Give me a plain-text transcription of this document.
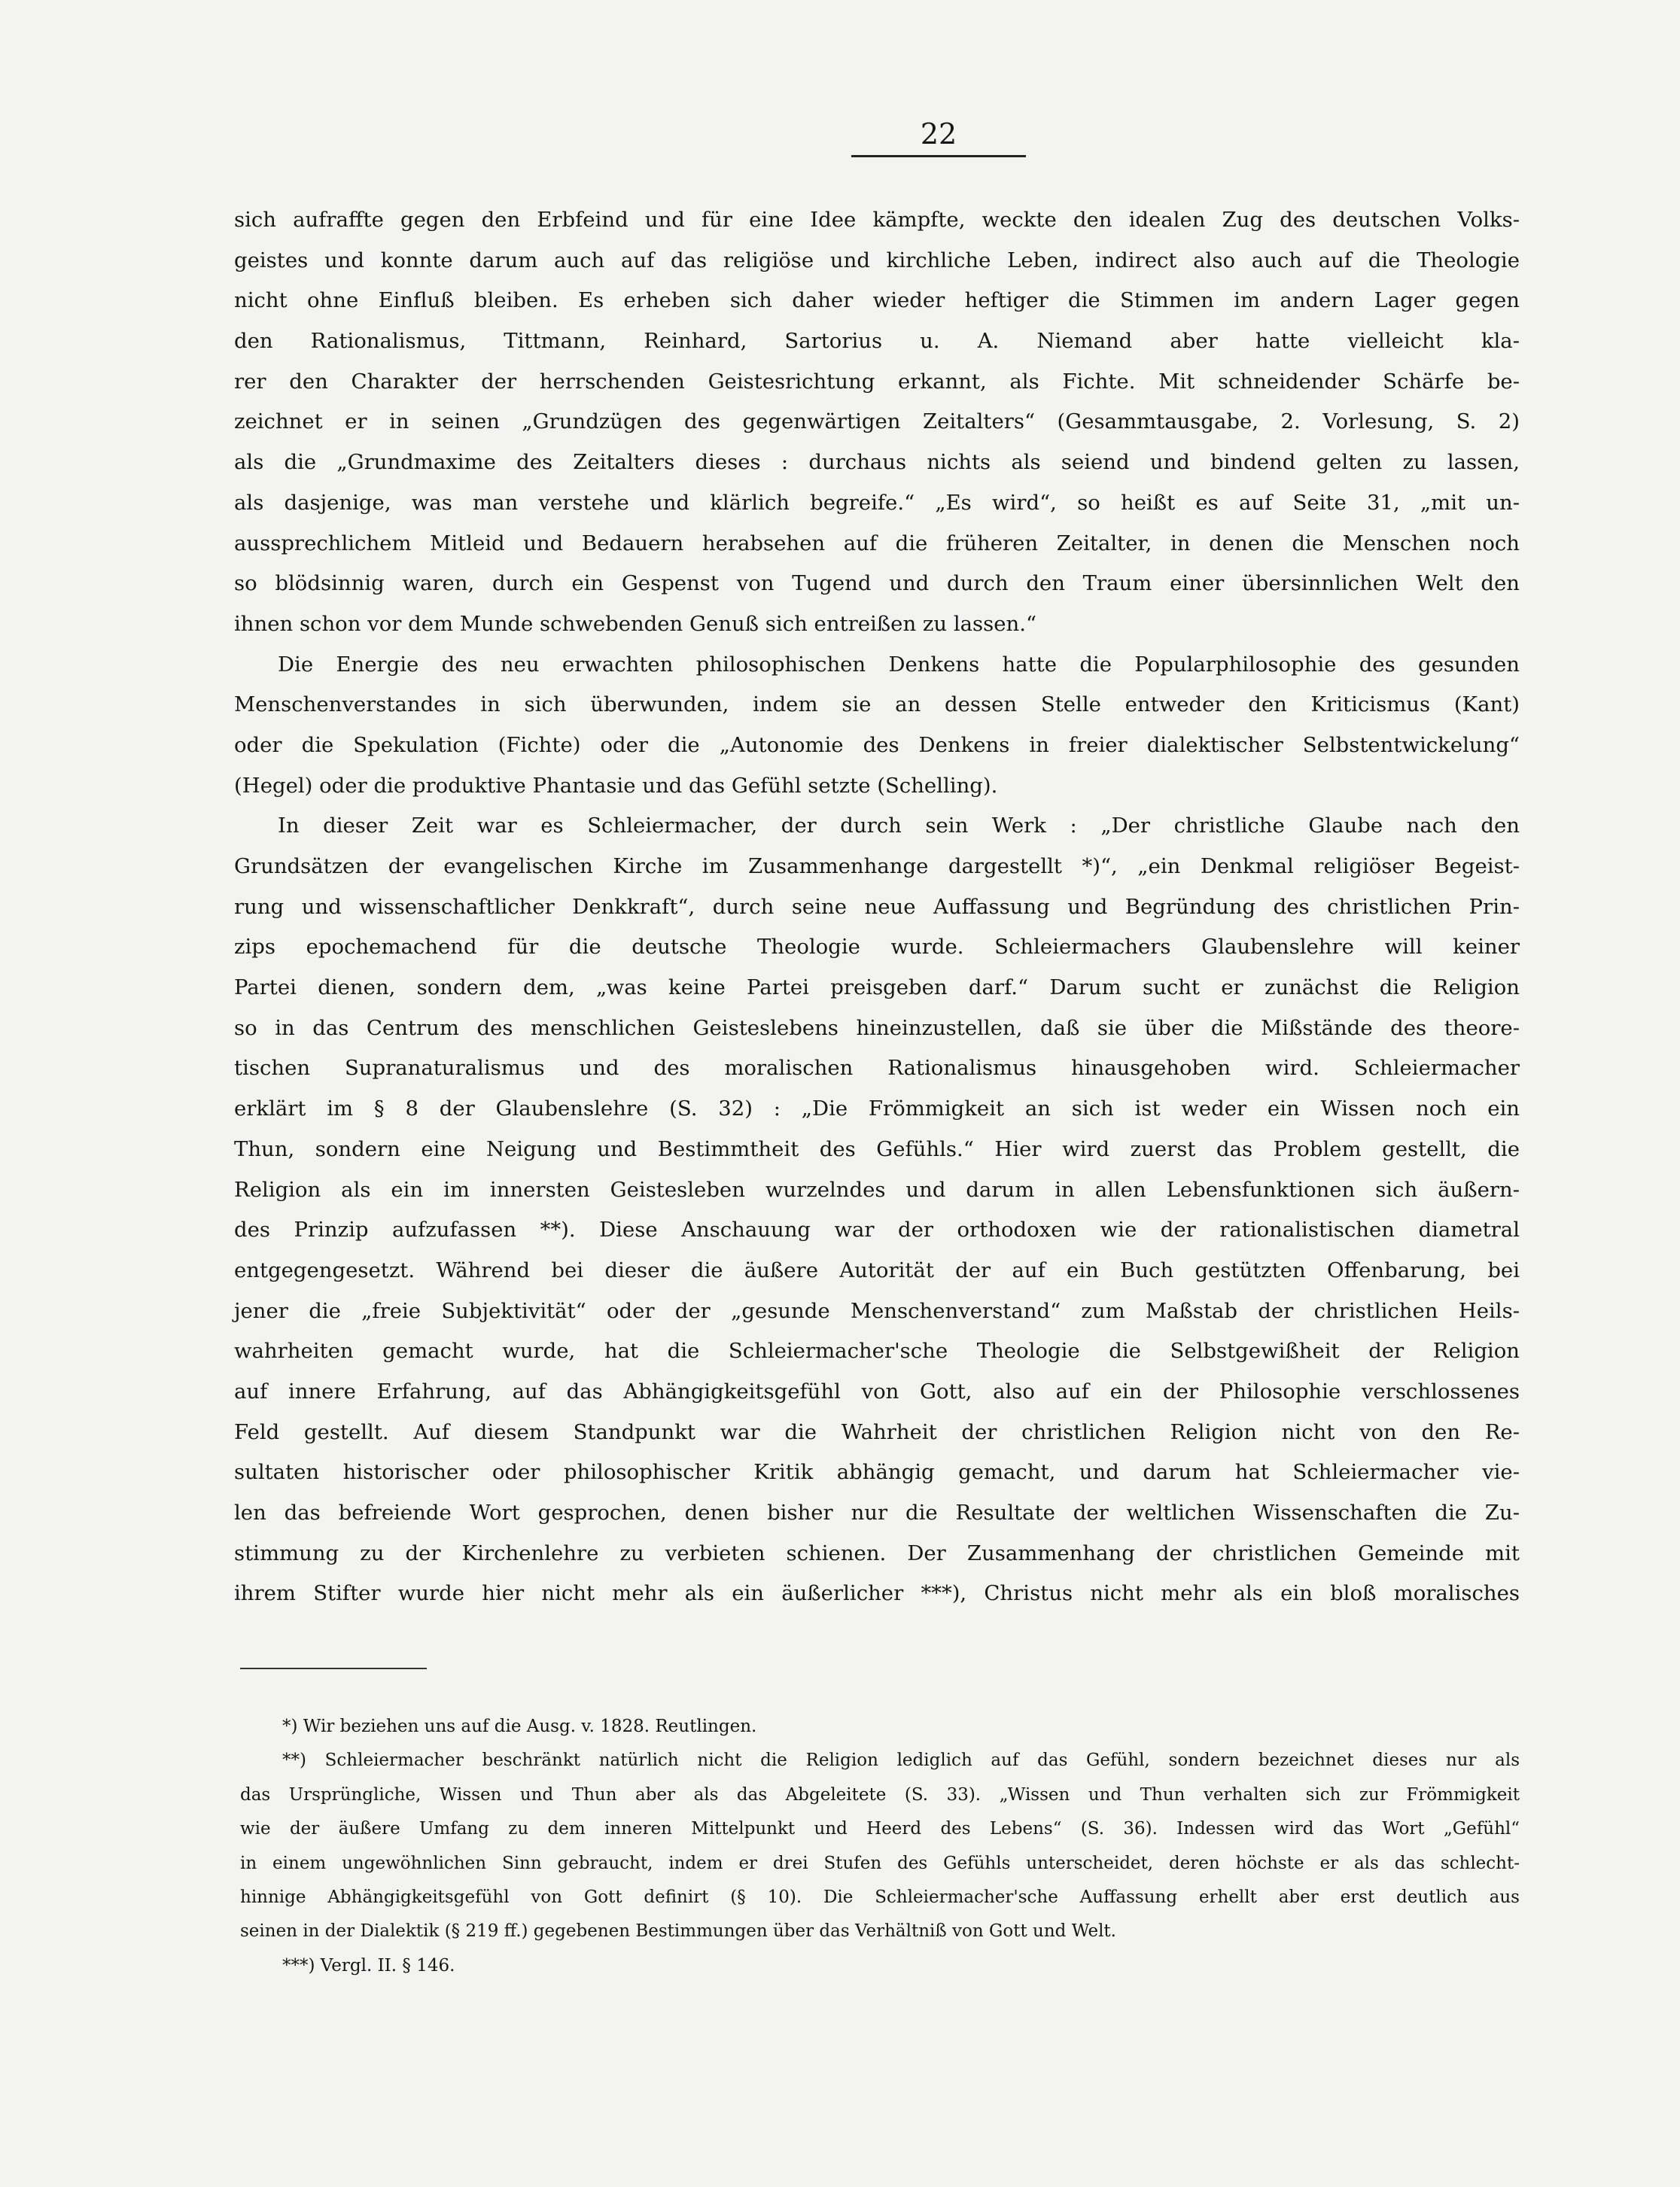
22
sich aufraffte gegen den Erbfeind und für eine Idee kämpfte, weckte den idealen Zug des deutschen Volks-
geistes und konnte darum auch auf das religiöse und kirchliche Leben, indirect also auch auf die Theologie
nicht ohne Einfluß bleiben. Es erheben sich daher wieder heftiger die Stimmen im andern Lager gegen
den Rationalismus, Tittmann, Reinhard, Sartorius u. A. Niemand aber hatte vielleicht kla-
rer den Charakter der herrschenden Geistesrichtung erkannt, als Fichte. Mit schneidender Schärfe be-
zeichnet er in seinen „Grundzügen des gegenwärtigen Zeitalters“ (Gesammtausgabe, 2. Vorlesung, S. 2)
als die „Grundmaxime des Zeitalters dieses : durchaus nichts als seiend und bindend gelten zu lassen,
als dasjenige, was man verstehe und klärlich begreife.“ „Es wird“, so heißt es auf Seite 31, „mit un-
aussprechlichem Mitleid und Bedauern herabsehen auf die früheren Zeitalter, in denen die Menschen noch
so blödsinnig waren, durch ein Gespenst von Tugend und durch den Traum einer übersinnlichen Welt den
ihnen schon vor dem Munde schwebenden Genuß sich entreißen zu lassen.“
Die Energie des neu erwachten philosophischen Denkens hatte die Popularphilosophie des gesunden
Menschenverstandes in sich überwunden, indem sie an dessen Stelle entweder den Kriticismus (Kant)
oder die Spekulation (Fichte) oder die „Autonomie des Denkens in freier dialektischer Selbstentwickelung“
(Hegel) oder die produktive Phantasie und das Gefühl setzte (Schelling).
In dieser Zeit war es Schleiermacher, der durch sein Werk : „Der christliche Glaube nach den
Grundsätzen der evangelischen Kirche im Zusammenhange dargestellt *)“, „ein Denkmal religiöser Begeist-
rung und wissenschaftlicher Denkkraft“, durch seine neue Auffassung und Begründung des christlichen Prin-
zips epochemachend für die deutsche Theologie wurde. Schleiermachers Glaubenslehre will keiner
Partei dienen, sondern dem, „was keine Partei preisgeben darf.“ Darum sucht er zunächst die Religion
so in das Centrum des menschlichen Geisteslebens hineinzustellen, daß sie über die Mißstände des theore-
tischen Supranaturalismus und des moralischen Rationalismus hinausgehoben wird. Schleiermacher
erklärt im § 8 der Glaubenslehre (S. 32) : „Die Frömmigkeit an sich ist weder ein Wissen noch ein
Thun, sondern eine Neigung und Bestimmtheit des Gefühls.“ Hier wird zuerst das Problem gestellt, die
Religion als ein im innersten Geistesleben wurzelndes und darum in allen Lebensfunktionen sich äußern-
des Prinzip aufzufassen **). Diese Anschauung war der orthodoxen wie der rationalistischen diametral
entgegengesetzt. Während bei dieser die äußere Autorität der auf ein Buch gestützten Offenbarung, bei
jener die „freie Subjektivität“ oder der „gesunde Menschenverstand“ zum Maßstab der christlichen Heils-
wahrheiten gemacht wurde, hat die Schleiermacher'sche Theologie die Selbstgewißheit der Religion
auf innere Erfahrung, auf das Abhängigkeitsgefühl von Gott, also auf ein der Philosophie verschlossenes
Feld gestellt. Auf diesem Standpunkt war die Wahrheit der christlichen Religion nicht von den Re-
sultaten historischer oder philosophischer Kritik abhängig gemacht, und darum hat Schleiermacher vie-
len das befreiende Wort gesprochen, denen bisher nur die Resultate der weltlichen Wissenschaften die Zu-
stimmung zu der Kirchenlehre zu verbieten schienen. Der Zusammenhang der christlichen Gemeinde mit
ihrem Stifter wurde hier nicht mehr als ein äußerlicher ***), Christus nicht mehr als ein bloß moralisches
*) Wir beziehen uns auf die Ausg. v. 1828. Reutlingen.
**) Schleiermacher beschränkt natürlich nicht die Religion lediglich auf das Gefühl, sondern bezeichnet dieses nur als
das Ursprüngliche, Wissen und Thun aber als das Abgeleitete (S. 33). „Wissen und Thun verhalten sich zur Frömmigkeit
wie der äußere Umfang zu dem inneren Mittelpunkt und Heerd des Lebens“ (S. 36). Indessen wird das Wort „Gefühl“
in einem ungewöhnlichen Sinn gebraucht, indem er drei Stufen des Gefühls unterscheidet, deren höchste er als das schlecht-
hinnige Abhängigkeitsgefühl von Gott definirt (§ 10). Die Schleiermacher'sche Auffassung erhellt aber erst deutlich aus
seinen in der Dialektik (§ 219 ff.) gegebenen Bestimmungen über das Verhältniß von Gott und Welt.
***) Vergl. II. § 146.
